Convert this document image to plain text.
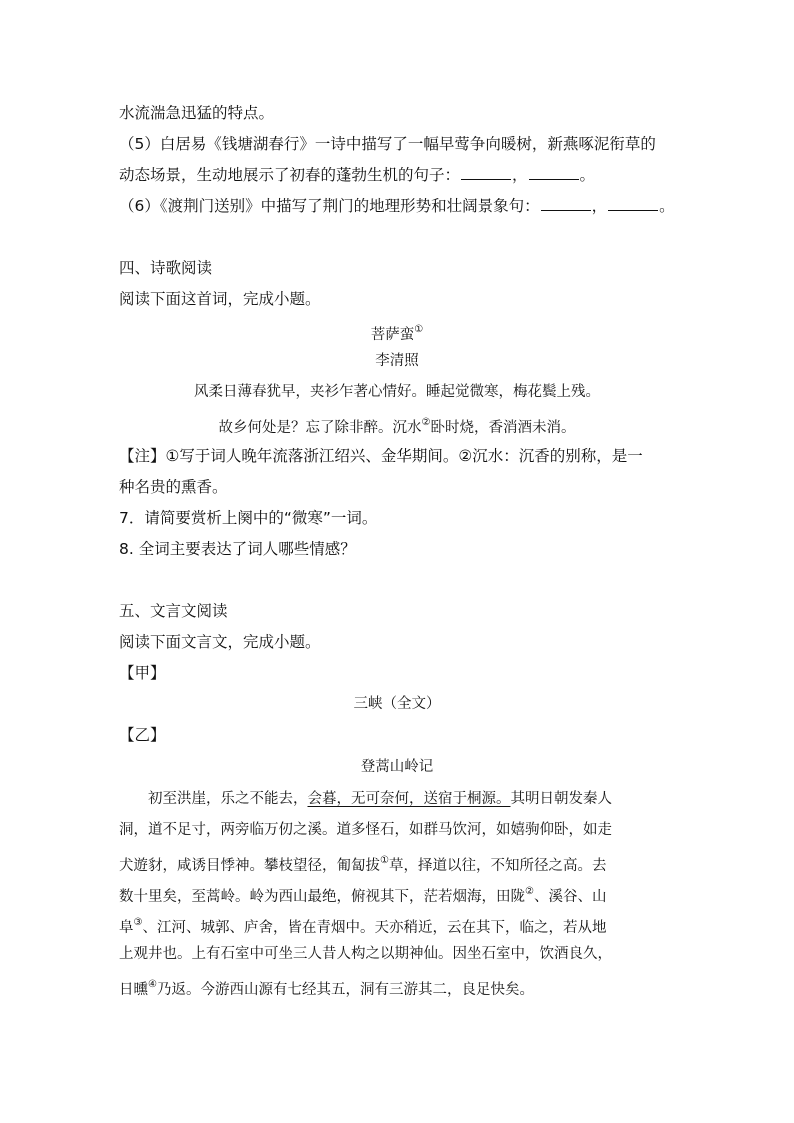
水流湍急迅猛的特点。
（5）白居易《钱塘湖春行》一诗中描写了一幅早莺争向暖树，新燕啄泥衔草的
动态场景，生动地展示了初春的蓬勃生机的句子：	，	。
（6）《渡荆门送别》中描写了荆门的地理形势和壮阔景象句：	，	。
四、诗歌阅读
阅读下面这首词，完成小题。
菩萨蛮①
李清照
风柔日薄春犹早，夹衫乍著心情好。睡起觉微寒，梅花鬓上残。
故乡何处是？忘了除非醉。沉水②卧时烧，香消酒未消。
【注】①写于词人晚年流落浙江绍兴、金华期间。②沉水：沉香的别称，是一
种名贵的熏香。
7．请简要赏析上阕中的“微寒”一词。
8. 全词主要表达了词人哪些情感？
五、文言文阅读
阅读下面文言文，完成小题。
【甲】
三峡（全文）
【乙】
登蒿山岭记
初至洪崖，乐之不能去，会暮，无可奈何，送宿于桐源。其明日朝发秦人
洞，道不足寸，两旁临万仞之溪。道多怪石，如群马饮河，如嬉驹仰卧，如走
犬遊豺，咸诱目悸神。攀枝望径，匍匐拔①草，择道以往，不知所径之高。去
数十里矣，至蒿岭。岭为西山最绝，俯视其下，茫若烟海，田陇②、溪谷、山
阜③、江河、城郭、庐舍，皆在青烟中。天亦稍近，云在其下，临之，若从地
上观井也。上有石室中可坐三人昔人构之以期神仙。因坐石室中，饮酒良久，
日曛④乃返。今游西山源有七经其五，洞有三游其二，良足快矣。
